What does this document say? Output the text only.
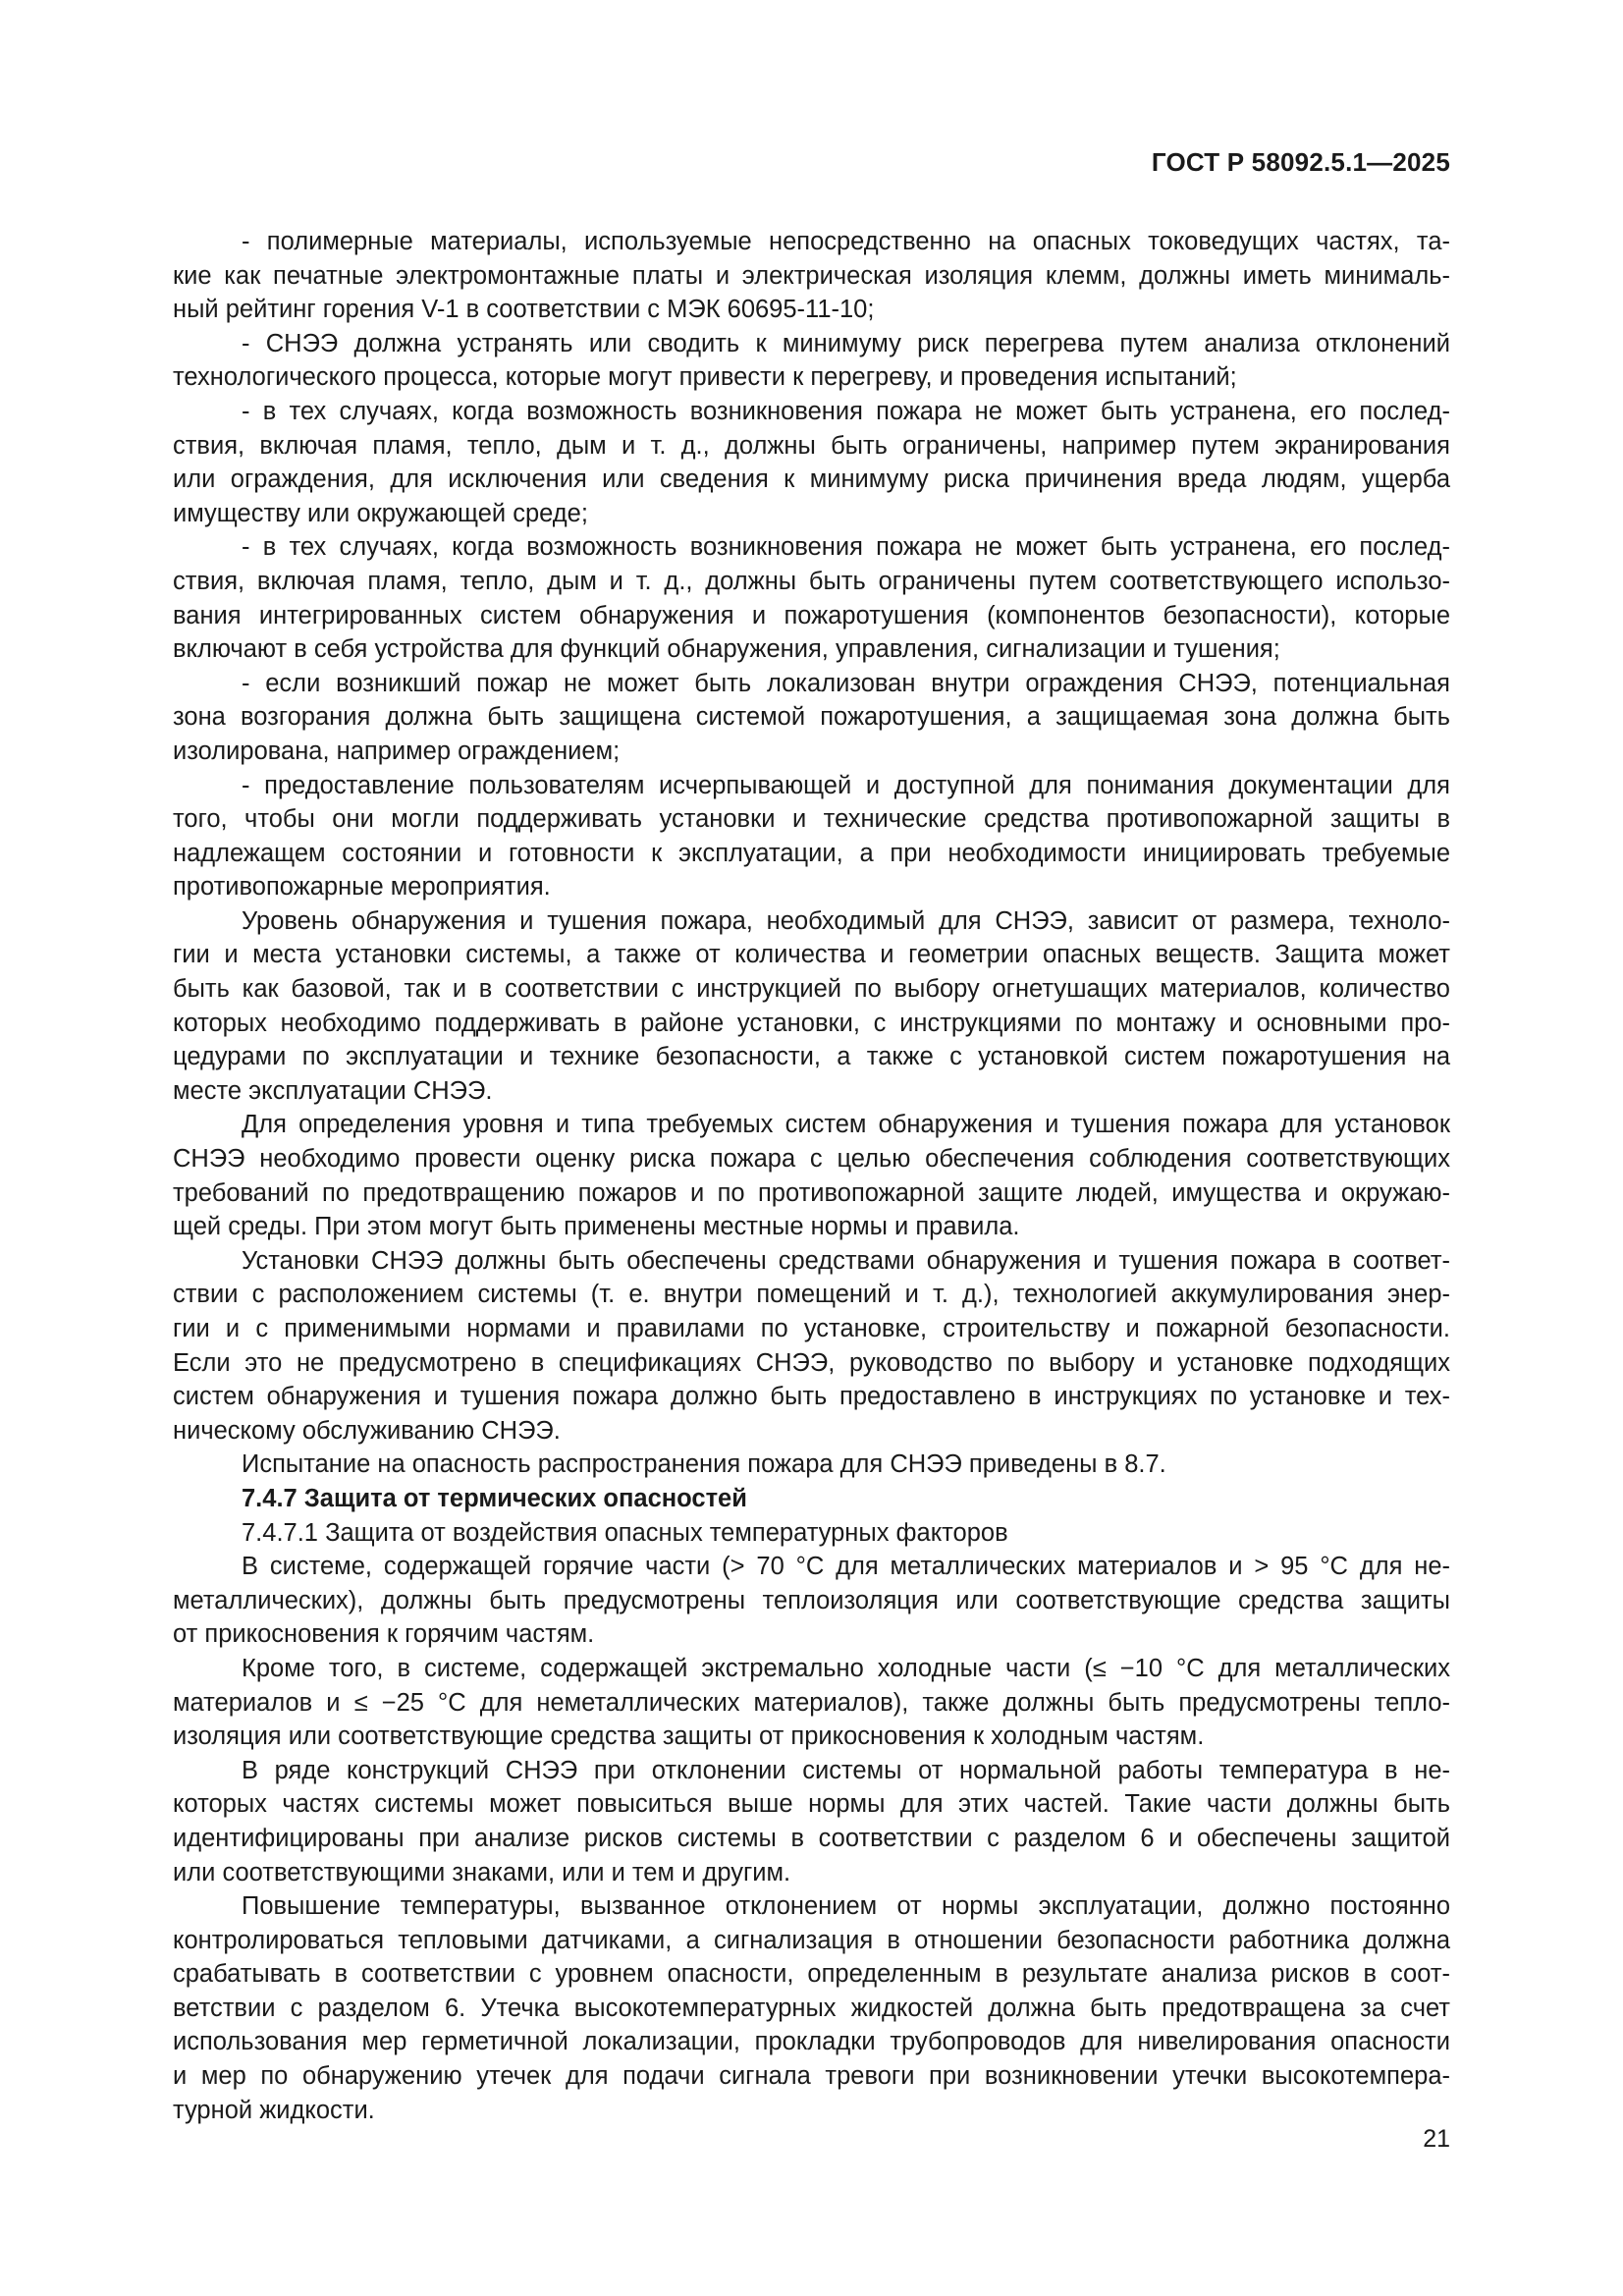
ГОСТ Р 58092.5.1—2025

- полимерные материалы, используемые непосредственно на опасных токоведущих частях, та-
кие как печатные электромонтажные платы и электрическая изоляция клемм, должны иметь минималь-
ный рейтинг горения V-1 в соответствии с МЭК 60695-11-10;

- СНЭЭ должна устранять или сводить к минимуму риск перегрева путем анализа отклонений
технологического процесса, которые могут привести к перегреву, и проведения испытаний;

- в тех случаях, когда возможность возникновения пожара не может быть устранена, его послед-
ствия, включая пламя, тепло, дым и т. д., должны быть ограничены, например путем экранирования
или ограждения, для исключения или сведения к минимуму риска причинения вреда людям, ущерба
имуществу или окружающей среде;

- в тех случаях, когда возможность возникновения пожара не может быть устранена, его послед-
ствия, включая пламя, тепло, дым и т. д., должны быть ограничены путем соответствующего использо-
вания интегрированных систем обнаружения и пожаротушения (компонентов безопасности), которые
включают в себя устройства для функций обнаружения, управления, сигнализации и тушения;

- если возникший пожар не может быть локализован внутри ограждения СНЭЭ, потенциальная
зона возгорания должна быть защищена системой пожаротушения, а защищаемая зона должна быть
изолирована, например ограждением;

- предоставление пользователям исчерпывающей и доступной для понимания документации для
того, чтобы они могли поддерживать установки и технические средства противопожарной защиты в
надлежащем состоянии и готовности к эксплуатации, а при необходимости инициировать требуемые
противопожарные мероприятия.

Уровень обнаружения и тушения пожара, необходимый для СНЭЭ, зависит от размера, техноло-
гии и места установки системы, а также от количества и геометрии опасных веществ. Защита может
быть как базовой, так и в соответствии с инструкцией по выбору огнетушащих материалов, количество
которых необходимо поддерживать в районе установки, с инструкциями по монтажу и основными про-
цедурами по эксплуатации и технике безопасности, а также с установкой систем пожаротушения на
месте эксплуатации СНЭЭ.

Для определения уровня и типа требуемых систем обнаружения и тушения пожара для установок
СНЭЭ необходимо провести оценку риска пожара с целью обеспечения соблюдения соответствующих
требований по предотвращению пожаров и по противопожарной защите людей, имущества и окружаю-
щей среды. При этом могут быть применены местные нормы и правила.

Установки СНЭЭ должны быть обеспечены средствами обнаружения и тушения пожара в соответ-
ствии с расположением системы (т. е. внутри помещений и т. д.), технологией аккумулирования энер-
гии и с применимыми нормами и правилами по установке, строительству и пожарной безопасности.
Если это не предусмотрено в спецификациях СНЭЭ, руководство по выбору и установке подходящих
систем обнаружения и тушения пожара должно быть предоставлено в инструкциях по установке и тех-
ническому обслуживанию СНЭЭ.

Испытание на опасность распространения пожара для СНЭЭ приведены в 8.7.

7.4.7 Защита от термических опасностей

7.4.7.1 Защита от воздействия опасных температурных факторов

В системе, содержащей горячие части (> 70 °C для металлических материалов и > 95 °C для не-
металлических), должны быть предусмотрены теплоизоляция или соответствующие средства защиты
от прикосновения к горячим частям.

Кроме того, в системе, содержащей экстремально холодные части (≤ −10 °C для металлических
материалов и ≤ −25 °C для неметаллических материалов), также должны быть предусмотрены тепло-
изоляция или соответствующие средства защиты от прикосновения к холодным частям.

В ряде конструкций СНЭЭ при отклонении системы от нормальной работы температура в не-
которых частях системы может повыситься выше нормы для этих частей. Такие части должны быть
идентифицированы при анализе рисков системы в соответствии с разделом 6 и обеспечены защитой
или соответствующими знаками, или и тем и другим.

Повышение температуры, вызванное отклонением от нормы эксплуатации, должно постоянно
контролироваться тепловыми датчиками, а сигнализация в отношении безопасности работника должна
срабатывать в соответствии с уровнем опасности, определенным в результате анализа рисков в соот-
ветствии с разделом 6. Утечка высокотемпературных жидкостей должна быть предотвращена за счет
использования мер герметичной локализации, прокладки трубопроводов для нивелирования опасности
и мер по обнаружению утечек для подачи сигнала тревоги при возникновении утечки высокотемпера-
турной жидкости.

21
